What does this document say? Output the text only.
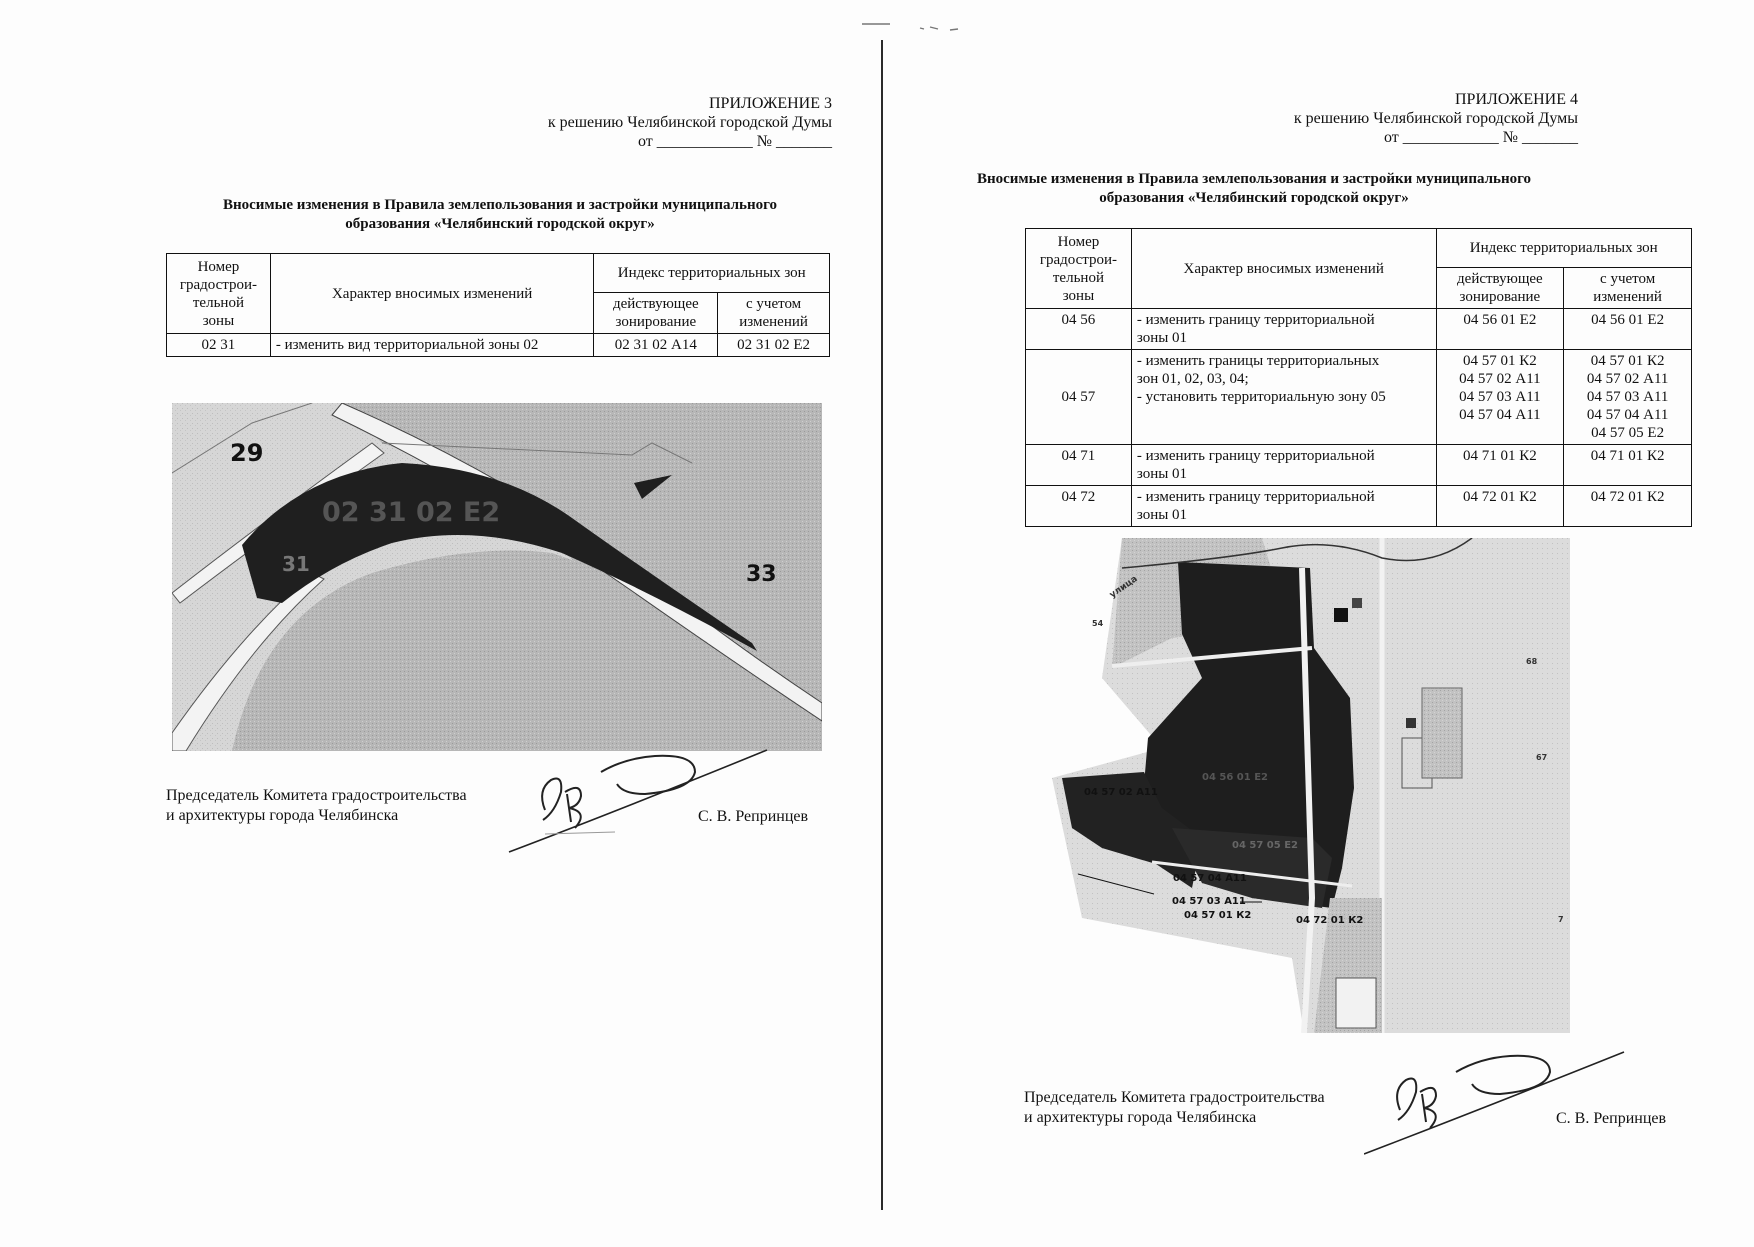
ПРИЛОЖЕНИЕ 3
к решению Челябинской городской Думы
от ____________ № _______
Вносимые изменения в Правила землепользования и застройки муниципального
образования «Челябинский городской округ»
Номер
градострои-
тельной
зоны	Характер вносимых изменений	Индекс территориальных зон	

		действующее
зонирование	с учетом
изменений

02 31	- изменить вид территориальной зоны 02	02 31 02 А14	02 31 02 Е2
29
31	33
02 31 02 Е2
Председатель Комитета градостроительства
и архитектуры города Челябинска	С. В. Репринцев
ПРИЛОЖЕНИЕ 4
к решению Челябинской городской Думы
от ____________ № _______
Вносимые изменения в Правила землепользования и застройки муниципального
образования «Челябинский городской округ»
Номер
градострои-
тельной
зоны	Характер вносимых изменений	Индекс территориальных зон	

		действующее
зонирование	с учетом
изменений

04 56	- изменить границу территориальной
зоны 01	04 56 01 Е2	04 56 01 Е2

04 57	- изменить границы территориальных
зон 01, 02, 03, 04;
- установить территориальную зону 05	04 57 01 К2
04 57 02 А11
04 57 03 А11
04 57 04 А11	04 57 01 К2
04 57 02 А11
04 57 03 А11
04 57 04 А11
04 57 05 Е2

04 71	- изменить границу территориальной
зоны 01	04 71 01 К2	04 71 01 К2

04 72	- изменить границу территориальной
зоны 01	04 72 01 К2	04 72 01 К2
улица
54
68
67
7
04 56 01 Е2
04 57 05 Е2
04 57 02 А11
04 57 03 А11
04 57 01 К2
04 57 04 А11
04 72 01 К2
Председатель Комитета градостроительства
и архитектуры города Челябинска	С. В. Репринцев
